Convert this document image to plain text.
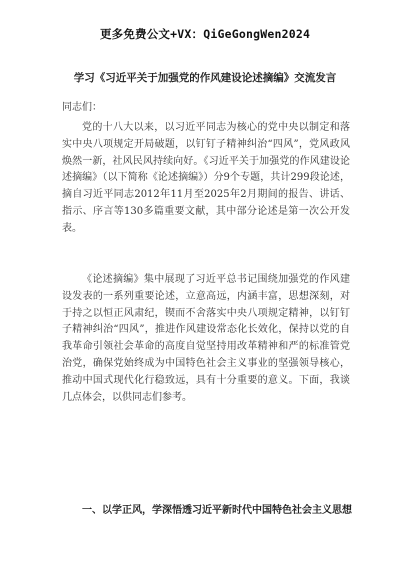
更多免费公文+VX：QiGeGongWen2024
学习《习近平关于加强党的作风建设论述摘编》交流发言
同志们：

党的十八大以来，以习近平同志为核心的党中央以制定和落实中央八项规定开局破题，以钉钉子精神纠治“四风”，党风政风焕然一新，社风民风持续向好。《习近平关于加强党的作风建设论述摘编》（以下简称《论述摘编》）分9个专题，共计299段论述，摘自习近平同志2012年11月至2025年2月期间的报告、讲话、指示、序言等130多篇重要文献，其中部分论述是第一次公开发表。

《论述摘编》集中展现了习近平总书记围绕加强党的作风建设发表的一系列重要论述，立意高远，内涵丰富，思想深刻，对于持之以恒正风肃纪，锲而不舍落实中央八项规定精神，以钉钉子精神纠治“四风”，推进作风建设常态化长效化，保持以党的自我革命引领社会革命的高度自觉坚持用改革精神和严的标准管党治党，确保党始终成为中国特色社会主义事业的坚强领导核心，推动中国式现代化行稳致远，具有十分重要的意义。下面，我谈几点体会，以供同志们参考。

一、以学正风，学深悟透习近平新时代中国特色社会主义思想
